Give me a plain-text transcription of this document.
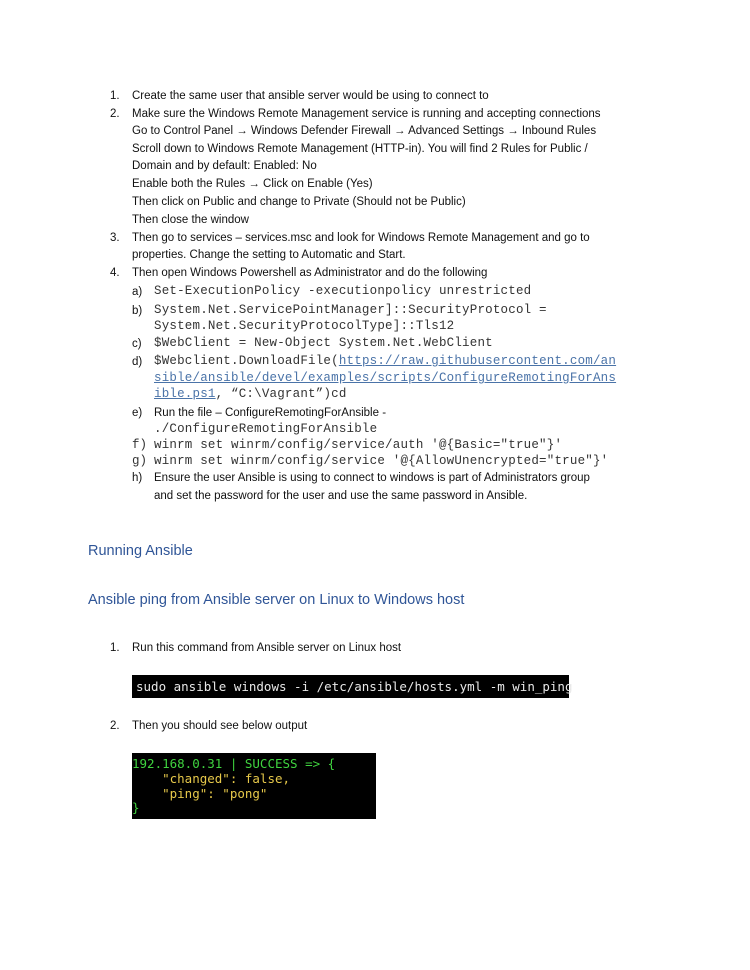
1. Create the same user that ansible server would be using to connect to
2. Make sure the Windows Remote Management service is running and accepting connections
Go to Control Panel → Windows Defender Firewall → Advanced Settings → Inbound Rules
Scroll down to Windows Remote Management (HTTP-in). You will find 2 Rules for Public /
Domain and by default: Enabled: No
Enable both the Rules → Click on Enable (Yes)
Then click on Public and change to Private (Should not be Public)
Then close the window
3. Then go to services – services.msc and look for Windows Remote Management and go to
properties. Change the setting to Automatic and Start.
4. Then open Windows Powershell as Administrator and do the following
a) Set-ExecutionPolicy -executionpolicy unrestricted
b) System.Net.ServicePointManager]::SecurityProtocol =
System.Net.SecurityProtocolType]::Tls12
c) $WebClient = New-Object System.Net.WebClient
d) $Webclient.DownloadFile(https://raw.githubusercontent.com/an
sible/ansible/devel/examples/scripts/ConfigureRemotingForAns
ible.ps1, “C:\Vagrant”)cd
e) Run the file – ConfigureRemotingForAnsible -
./ConfigureRemotingForAnsible
f) winrm set winrm/config/service/auth '@{Basic="true"}'
g) winrm set winrm/config/service '@{AllowUnencrypted="true"}'
h) Ensure the user Ansible is using to connect to windows is part of Administrators group
and set the password for the user and use the same password in Ansible.
Running Ansible
Ansible ping from Ansible server on Linux to Windows host
1. Run this command from Ansible server on Linux host
2. Then you should see below output
sudo ansible windows -i /etc/ansible/hosts.yml -m win_ping
192.168.0.31 | SUCCESS => {
"changed": false,
"ping": "pong"
}
